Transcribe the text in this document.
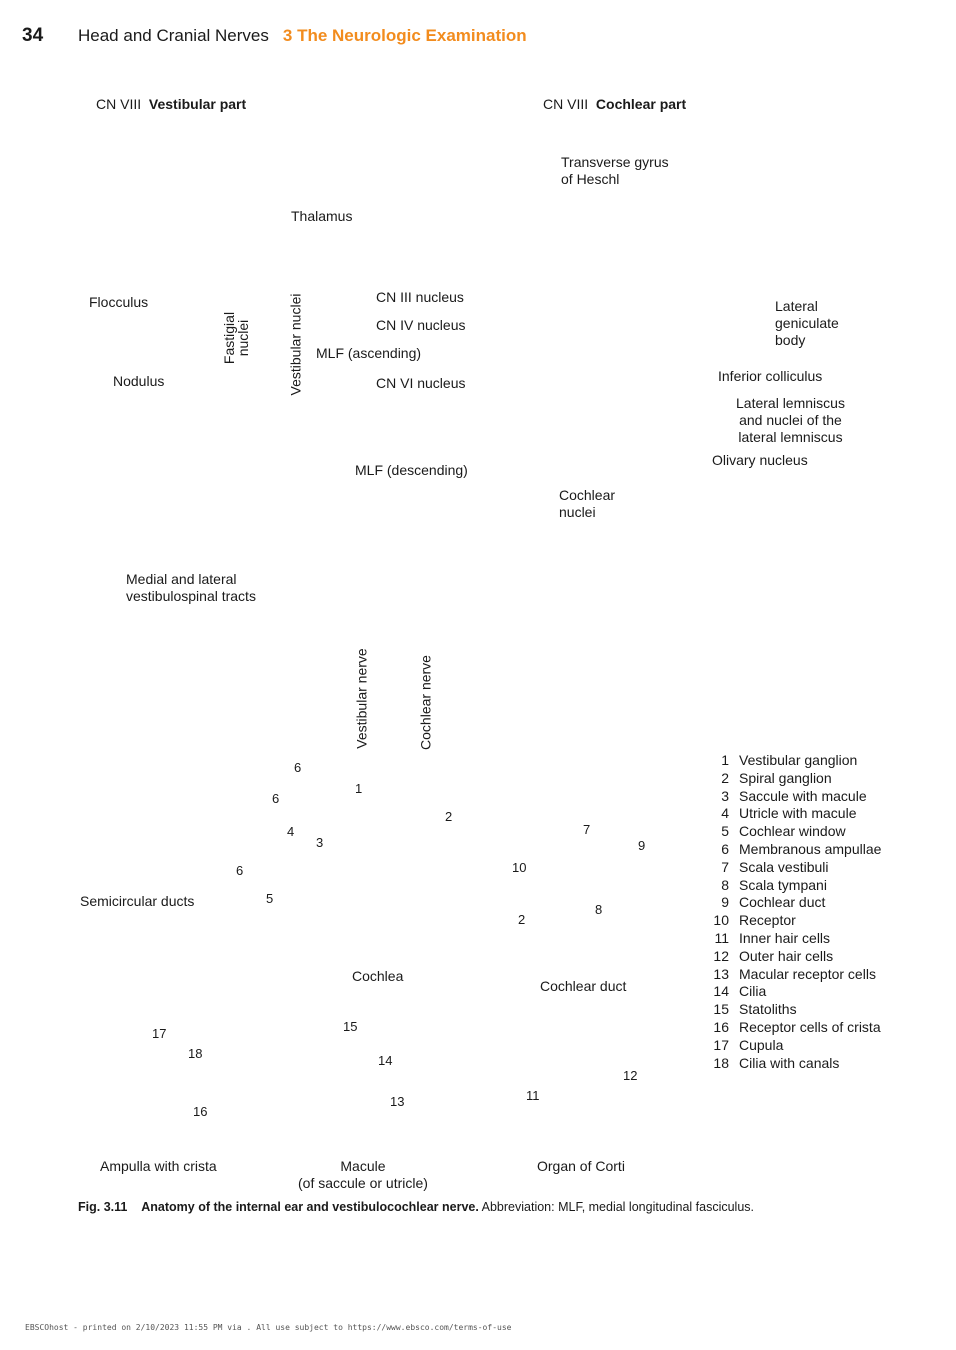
34 Head and Cranial Nerves 3 The Neurologic Examination
CN VIII Vestibular part	CN VIII Cochlear part
Transverse gyrus
of Heschl
Thalamus
Flocculus
Nodulus
Fastigial
nuclei	Vestibular nuclei	CN III nucleus
CN IV nucleus
MLF (ascending)
CN VI nucleus
MLF (descending)
Lateral
geniculate
body
Inferior colliculus
Lateral lemniscus
and nuclei of the
lateral lemniscus
Olivary nucleus
Cochlear
nuclei
Medial and lateral
vestibulospinal tracts
Vestibular nerve	Cochlear nerve
Semicircular ducts
Cochlea
Cochlear duct
Ampulla with crista	Macule
(of saccule or utricle)
Organ of Corti
6
6
1
2
4
3
7
9
6	10
5
8
2
17	15
18	14
12
11
13
16
1 Vestibular ganglion
2 Spiral ganglion
3 Saccule with macule
4 Utricle with macule
5 Cochlear window
6 Membranous ampullae
7 Scala vestibuli
8 Scala tympani
9 Cochlear duct
10 Receptor
11 Inner hair cells
12 Outer hair cells
13 Macular receptor cells
14 Cilia
15 Statoliths
16 Receptor cells of crista
17 Cupula
18 Cilia with canals
Fig. 3.11 Anatomy of the internal ear and vestibulocochlear nerve. Abbreviation: MLF, medial longitudinal fasciculus.
EBSCOhost - printed on 2/10/2023 11:55 PM via . All use subject to https://www.ebsco.com/terms-of-use
